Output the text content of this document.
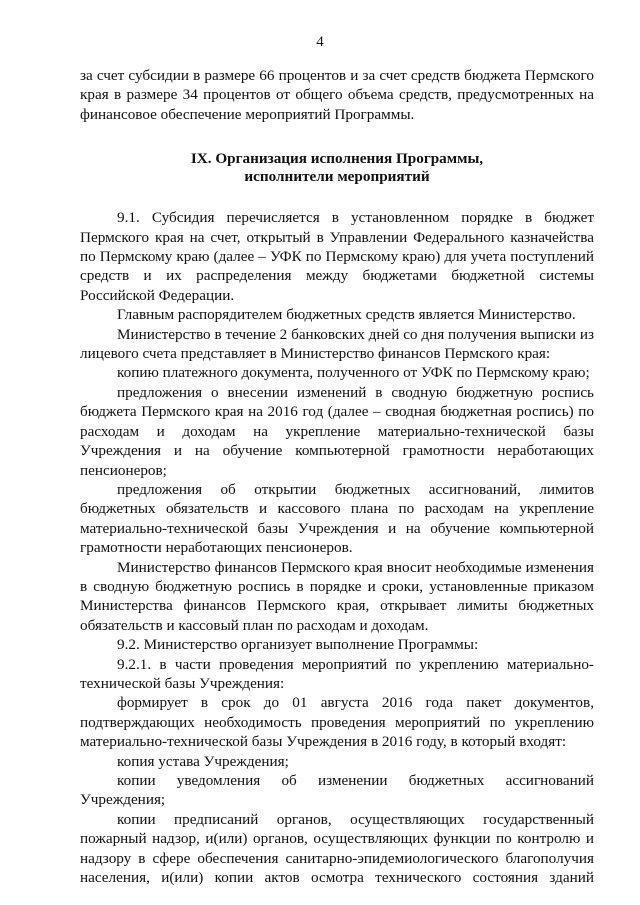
4

за счет субсидии в размере 66 процентов и за счет средств бюджета Пермского края в размере 34 процентов от общего объема средств, предусмотренных на финансовое обеспечение мероприятий Программы.

IX. Организация исполнения Программы,
исполнители мероприятий

9.1. Субсидия перечисляется в установленном порядке в бюджет Пермского края на счет, открытый в Управлении Федерального казначейства по Пермскому краю (далее – УФК по Пермскому краю) для учета поступлений средств и их распределения между бюджетами бюджетной системы Российской Федерации.

Главным распорядителем бюджетных средств является Министерство.

Министерство в течение 2 банковских дней со дня получения выписки из лицевого счета представляет в Министерство финансов Пермского края:

копию платежного документа, полученного от УФК по Пермскому краю;

предложения о внесении изменений в сводную бюджетную роспись бюджета Пермского края на 2016 год (далее – сводная бюджетная роспись) по расходам и доходам на укрепление материально-технической базы Учреждения и на обучение компьютерной грамотности неработающих пенсионеров;

предложения об открытии бюджетных ассигнований, лимитов бюджетных обязательств и кассового плана по расходам на укрепление материально-технической базы Учреждения и на обучение компьютерной грамотности неработающих пенсионеров.

Министерство финансов Пермского края вносит необходимые изменения в сводную бюджетную роспись в порядке и сроки, установленные приказом Министерства финансов Пермского края, открывает лимиты бюджетных обязательств и кассовый план по расходам и доходам.

9.2. Министерство организует выполнение Программы:

9.2.1. в части проведения мероприятий по укреплению материально-технической базы Учреждения:

формирует в срок до 01 августа 2016 года пакет документов, подтверждающих необходимость проведения мероприятий по укреплению материально-технической базы Учреждения в 2016 году, в который входят:

копия устава Учреждения;

копии уведомления об изменении бюджетных ассигнований Учреждения;

копии предписаний органов, осуществляющих государственный пожарный надзор, и(или) органов, осуществляющих функции по контролю и надзору в сфере обеспечения санитарно-эпидемиологического благополучия населения, и(или) копии актов осмотра технического состояния зданий
